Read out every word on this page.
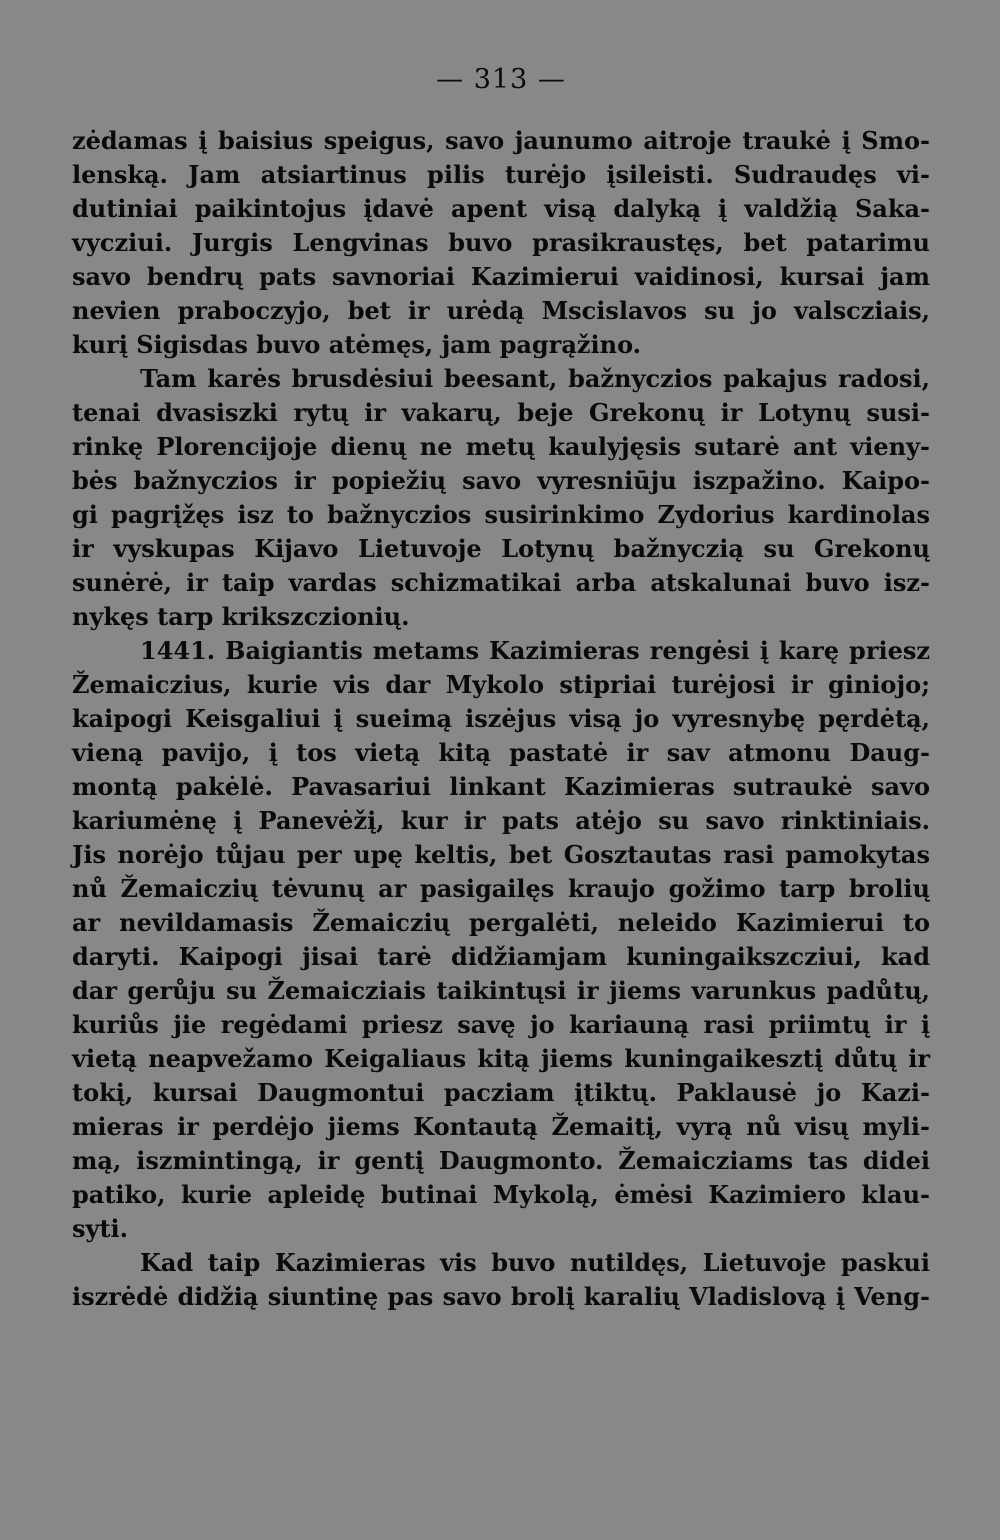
— 313 —
zėdamas į baisius speigus, savo jaunumo aitroje traukė į Smo-
lenską. Jam atsiartinus pilis turėjo įsileisti. Sudraudęs vi-
dutiniai paikintojus įdavė apent visą dalyką į valdžią Saka-
vycziui. Jurgis Lengvinas buvo prasikraustęs, bet patarimu
savo bendrų pats savnoriai Kazimierui vaidinosi, kursai jam
nevien praboczyjo, bet ir urėdą Mscislavos su jo valscziais,
kurį Sigisdas buvo atėmęs, jam pagrąžino.
Tam karės brusdėsiui beesant, bažnyczios pakajus radosi,
tenai dvasiszki rytų ir vakarų, beje Grekonų ir Lotynų susi-
rinkę Plorencijoje dienų ne metų kaulyjęsis sutarė ant vieny-
bės bažnyczios ir popiežių savo vyresniūju iszpažino. Kaipo-
gi pagrįžęs isz to bažnyczios susirinkimo Zydorius kardinolas
ir vyskupas Kijavo Lietuvoje Lotynų bažnyczią su Grekonų
sunėrė, ir taip vardas schizmatikai arba atskalunai buvo isz-
nykęs tarp krikszczionių.
1441. Baigiantis metams Kazimieras rengėsi į karę priesz
Žemaiczius, kurie vis dar Mykolo stipriai turėjosi ir giniojo;
kaipogi Keisgaliui į sueimą iszėjus visą jo vyresnybę pęrdėtą,
vieną pavijo, į tos vietą kitą pastatė ir sav atmonu Daug-
montą pakėlė. Pavasariui linkant Kazimieras sutraukė savo
kariumėnę į Panevėžį, kur ir pats atėjo su savo rinktiniais.
Jis norėjo tůjau per upę keltis, bet Gosztautas rasi pamokytas
nů Žemaiczių tėvunų ar pasigailęs kraujo gožimo tarp brolių
ar nevildamasis Žemaiczių pergalėti, neleido Kazimierui to
daryti. Kaipogi jisai tarė didžiamjam kuningaikszcziui, kad
dar gerůju su Žemaicziais taikintųsi ir jiems varunkus padůtų,
kuriůs jie regėdami priesz savę jo kariauną rasi priimtų ir į
vietą neapvežamo Keigaliaus kitą jiems kuningaikesztį důtų ir
tokį, kursai Daugmontui pacziam įtiktų. Paklausė jo Kazi-
mieras ir perdėjo jiems Kontautą Žemaitį, vyrą nů visų myli-
mą, iszmintingą, ir gentį Daugmonto. Žemaicziams tas didei
patiko, kurie apleidę butinai Mykolą, ėmėsi Kazimiero klau-
syti.
Kad taip Kazimieras vis buvo nutildęs, Lietuvoje paskui
iszrėdė didžią siuntinę pas savo brolį karalių Vladislovą į Veng-
